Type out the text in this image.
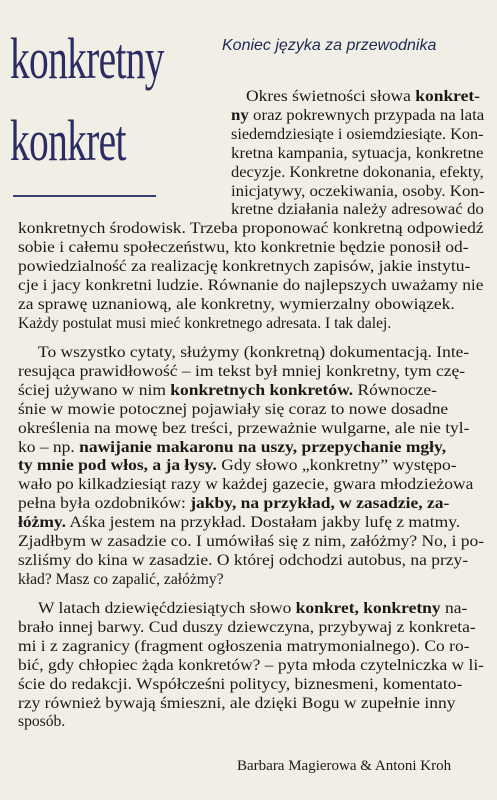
konkretny
konkret
Koniec języka za przewodnika
Okres świetności słowa konkret-
ny oraz pokrewnych przypada na lata
siedemdziesiąte i osiemdziesiąte. Kon-
kretna kampania, sytuacja, konkretne
decyzje. Konkretne dokonania, efekty,
inicjatywy, oczekiwania, osoby. Kon-
kretne działania należy adresować do
konkretnych środowisk. Trzeba proponować konkretną odpowiedź
sobie i całemu społeczeństwu, kto konkretnie będzie ponosił od-
powiedzialność za realizację konkretnych zapisów, jakie instytu-
cje i jacy konkretni ludzie. Równanie do najlepszych uważamy nie
za sprawę uznaniową, ale konkretny, wymierzalny obowiązek.
Każdy postulat musi mieć konkretnego adresata. I tak dalej.
To wszystko cytaty, służymy (konkretną) dokumentacją. Inte-
resująca prawidłowość – im tekst był mniej konkretny, tym czę-
ściej używano w nim konkretnych konkretów. Równocze-
śnie w mowie potocznej pojawiały się coraz to nowe dosadne
określenia na mowę bez treści, przeważnie wulgarne, ale nie tyl-
ko – np. nawijanie makaronu na uszy, przepychanie mgły,
ty mnie pod włos, a ja łysy. Gdy słowo „konkretny” występo-
wało po kilkadziesiąt razy w każdej gazecie, gwara młodzieżowa
pełna była ozdobników: jakby, na przykład, w zasadzie, za-
łóżmy. Aśka jestem na przykład. Dostałam jakby lufę z matmy.
Zjadłbym w zasadzie co. I umówiłaś się z nim, załóżmy? No, i po-
szliśmy do kina w zasadzie. O której odchodzi autobus, na przy-
kład? Masz co zapalić, załóżmy?
W latach dziewięćdziesiątych słowo konkret, konkretny na-
brało innej barwy. Cud duszy dziewczyna, przybywaj z konkreta-
mi i z zagranicy (fragment ogłoszenia matrymonialnego). Co ro-
bić, gdy chłopiec żąda konkretów? – pyta młoda czytelniczka w li-
ście do redakcji. Współcześni politycy, biznesmeni, komentato-
rzy również bywają śmieszni, ale dzięki Bogu w zupełnie inny
sposób.
Barbara Magierowa & Antoni Kroh
